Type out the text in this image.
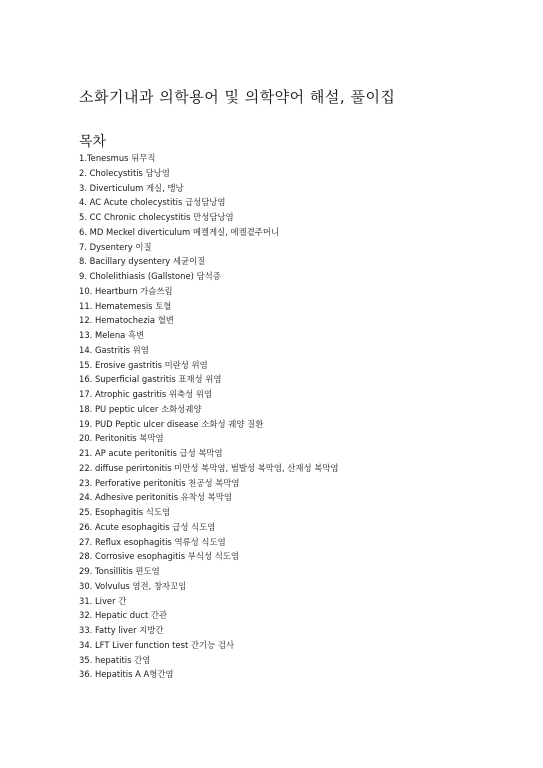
소화기내과 의학용어 및 의학약어 해설, 풀이집
목차
1.Tenesmus 뒤무직
2. Cholecystitis 담낭염
3. Diverticulum 게실, 맹낭
4. AC Acute cholecystitis 급성담낭염
5. CC Chronic cholecystitis 만성담낭염
6. MD Meckel diverticulum 메켈게실, 메켈곁주머니
7. Dysentery 이질
8. Bacillary dysentery 세균이질
9. Cholelithiasis (Gallstone) 담석증
10. Heartburn 가슴쓰림
11. Hematemesis 토혈
12. Hematochezia 혈변
13. Melena 흑변
14. Gastritis 위염
15. Erosive gastritis 미란성 위염
16. Superficial gastritis 표재성 위염
17. Atrophic gastritis 위축성 위염
18. PU peptic ulcer 소화성궤양
19. PUD Peptic ulcer disease 소화성 궤양 질환
20. Peritonitis 복막염
21. AP acute peritonitis 급성 복막염
22. diffuse perirtonitis 미만성 복막염, 범발성 복막염, 산재성 복막염
23. Perforative peritonitis 천공성 복막염
24. Adhesive peritonitis 유착성 복막염
25. Esophagitis 식도염
26. Acute esophagitis 급성 식도염
27. Reflux esophagitis 역류성 식도염
28. Corrosive esophagitis 부식성 식도염
29. Tonsillitis 편도염
30. Volvulus 염전, 창자꼬임
31. Liver 간
32. Hepatic duct 간관
33. Fatty liver 지방간
34. LFT Liver function test 간기능 검사
35. hepatitis 간염
36. Hepatitis A A형간염
